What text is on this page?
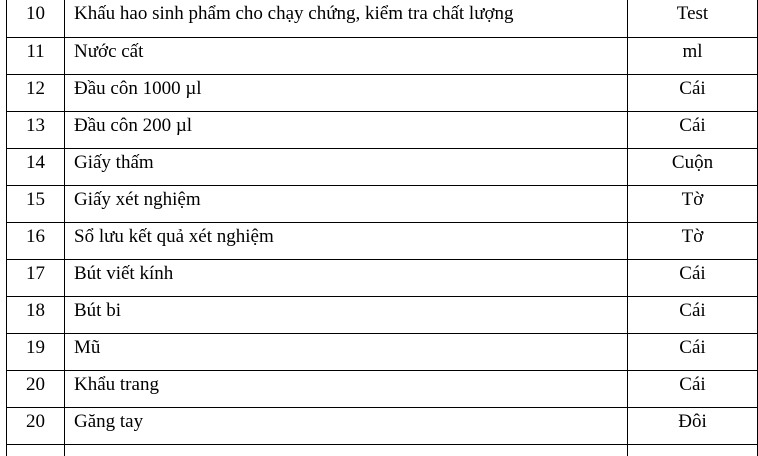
10	Khấu hao sinh phẩm cho chạy chứng, kiểm tra chất lượng	Test
11	Nước cất	ml
12	Đầu côn 1000 µl	Cái
13	Đầu côn 200 µl	Cái
14	Giấy thấm	Cuộn
15	Giấy xét nghiệm	Tờ
16	Sổ lưu kết quả xét nghiệm	Tờ
17	Bút viết kính	Cái
18	Bút bi	Cái
19	Mũ	Cái
20	Khẩu trang	Cái
20	Găng tay	Đôi
